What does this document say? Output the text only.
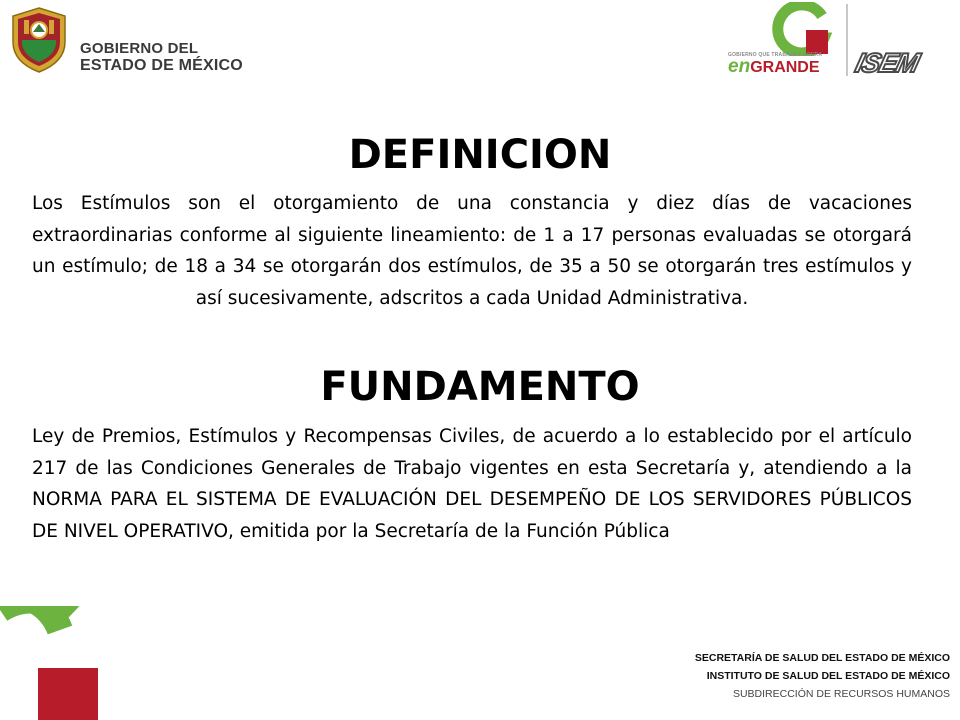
GOBIERNO DEL
ESTADO DE MÉXICO
GOBIERNO QUE TRABAJA Y LOGRA
enGRANDE ISEM
DEFINICION

Los Estímulos son el otorgamiento de una constancia y diez días de vacaciones extraordinarias conforme al siguiente lineamiento: de 1 a 17 personas evaluadas se otorgará un estímulo; de 18 a 34 se otorgarán dos estímulos, de 35 a 50 se otorgarán tres estímulos y así sucesivamente, adscritos a cada Unidad Administrativa.

FUNDAMENTO

Ley de Premios, Estímulos y Recompensas Civiles, de acuerdo a lo establecido por el artículo 217 de las Condiciones Generales de Trabajo vigentes en esta Secretaría y, atendiendo a la NORMA PARA EL SISTEMA DE EVALUACIÓN DEL DESEMPEÑO DE LOS SERVIDORES PÚBLICOS DE NIVEL OPERATIVO, emitida por la Secretaría de la Función Pública

SECRETARÍA DE SALUD DEL ESTADO DE MÉXICO
INSTITUTO DE SALUD DEL ESTADO DE MÉXICO
SUBDIRECCIÓN DE RECURSOS HUMANOS
